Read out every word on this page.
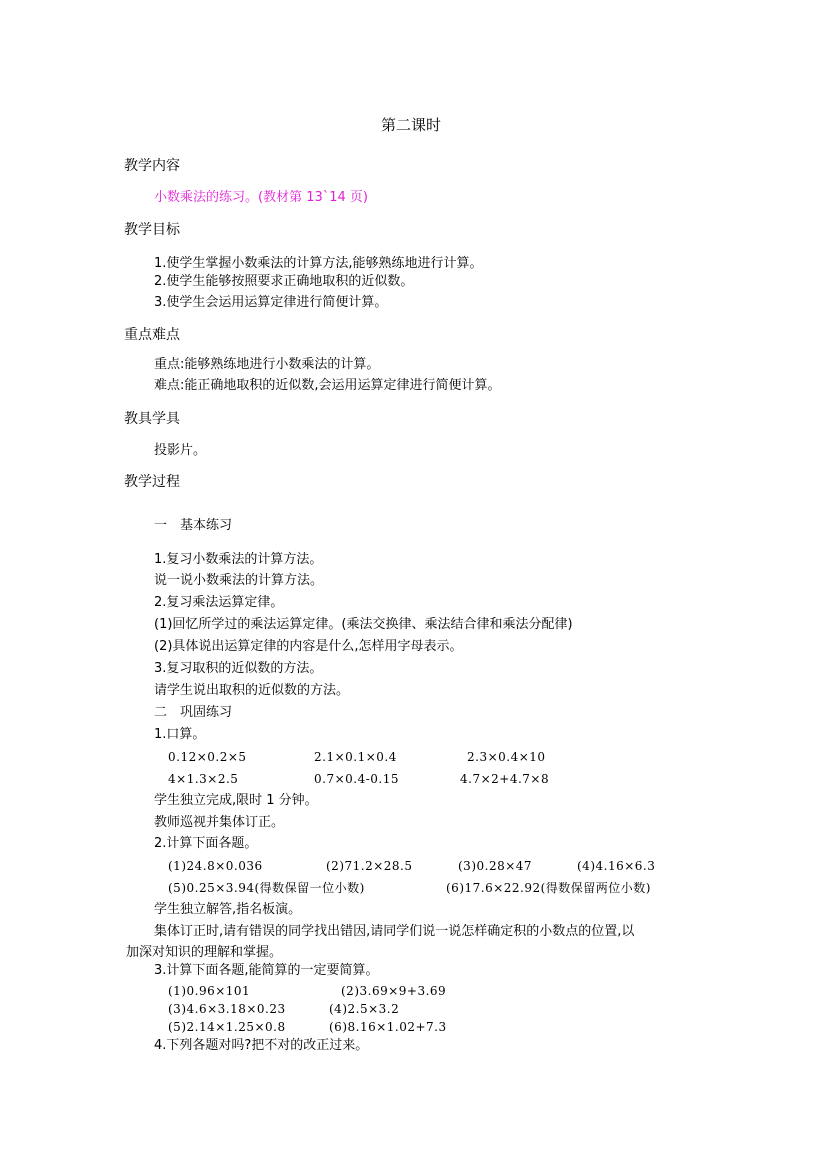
第二课时
教学内容
小数乘法的练习。(教材第 13`14 页)
教学目标
1.使学生掌握小数乘法的计算方法,能够熟练地进行计算。
2.使学生能够按照要求正确地取积的近似数。
3.使学生会运用运算定律进行简便计算。
重点难点
重点:能够熟练地进行小数乘法的计算。
难点:能正确地取积的近似数,会运用运算定律进行简便计算。
教具学具
投影片。
教学过程
一　基本练习
1.复习小数乘法的计算方法。
说一说小数乘法的计算方法。
2.复习乘法运算定律。
(1)回忆所学过的乘法运算定律。(乘法交换律、乘法结合律和乘法分配律)
(2)具体说出运算定律的内容是什么,怎样用字母表示。
3.复习取积的近似数的方法。
请学生说出取积的近似数的方法。
二　巩固练习
1.口算。
0.12×0.2×5	2.1×0.1×0.4	2.3×0.4×10
4×1.3×2.5	0.7×0.4-0.15	4.7×2+4.7×8
学生独立完成,限时 1 分钟。
教师巡视并集体订正。
2.计算下面各题。
(1)24.8×0.036	(2)71.2×28.5	(3)0.28×47	(4)4.16×6.3
(5)0.25×3.94(得数保留一位小数)	(6)17.6×22.92(得数保留两位小数)
学生独立解答,指名板演。
集体订正时,请有错误的同学找出错因,请同学们说一说怎样确定积的小数点的位置,以
加深对知识的理解和掌握。
3.计算下面各题,能简算的一定要简算。
(1)0.96×101	(2)3.69×9+3.69
(3)4.6×3.18×0.23	(4)2.5×3.2
(5)2.14×1.25×0.8	(6)8.16×1.02+7.3
4.下列各题对吗?把不对的改正过来。
